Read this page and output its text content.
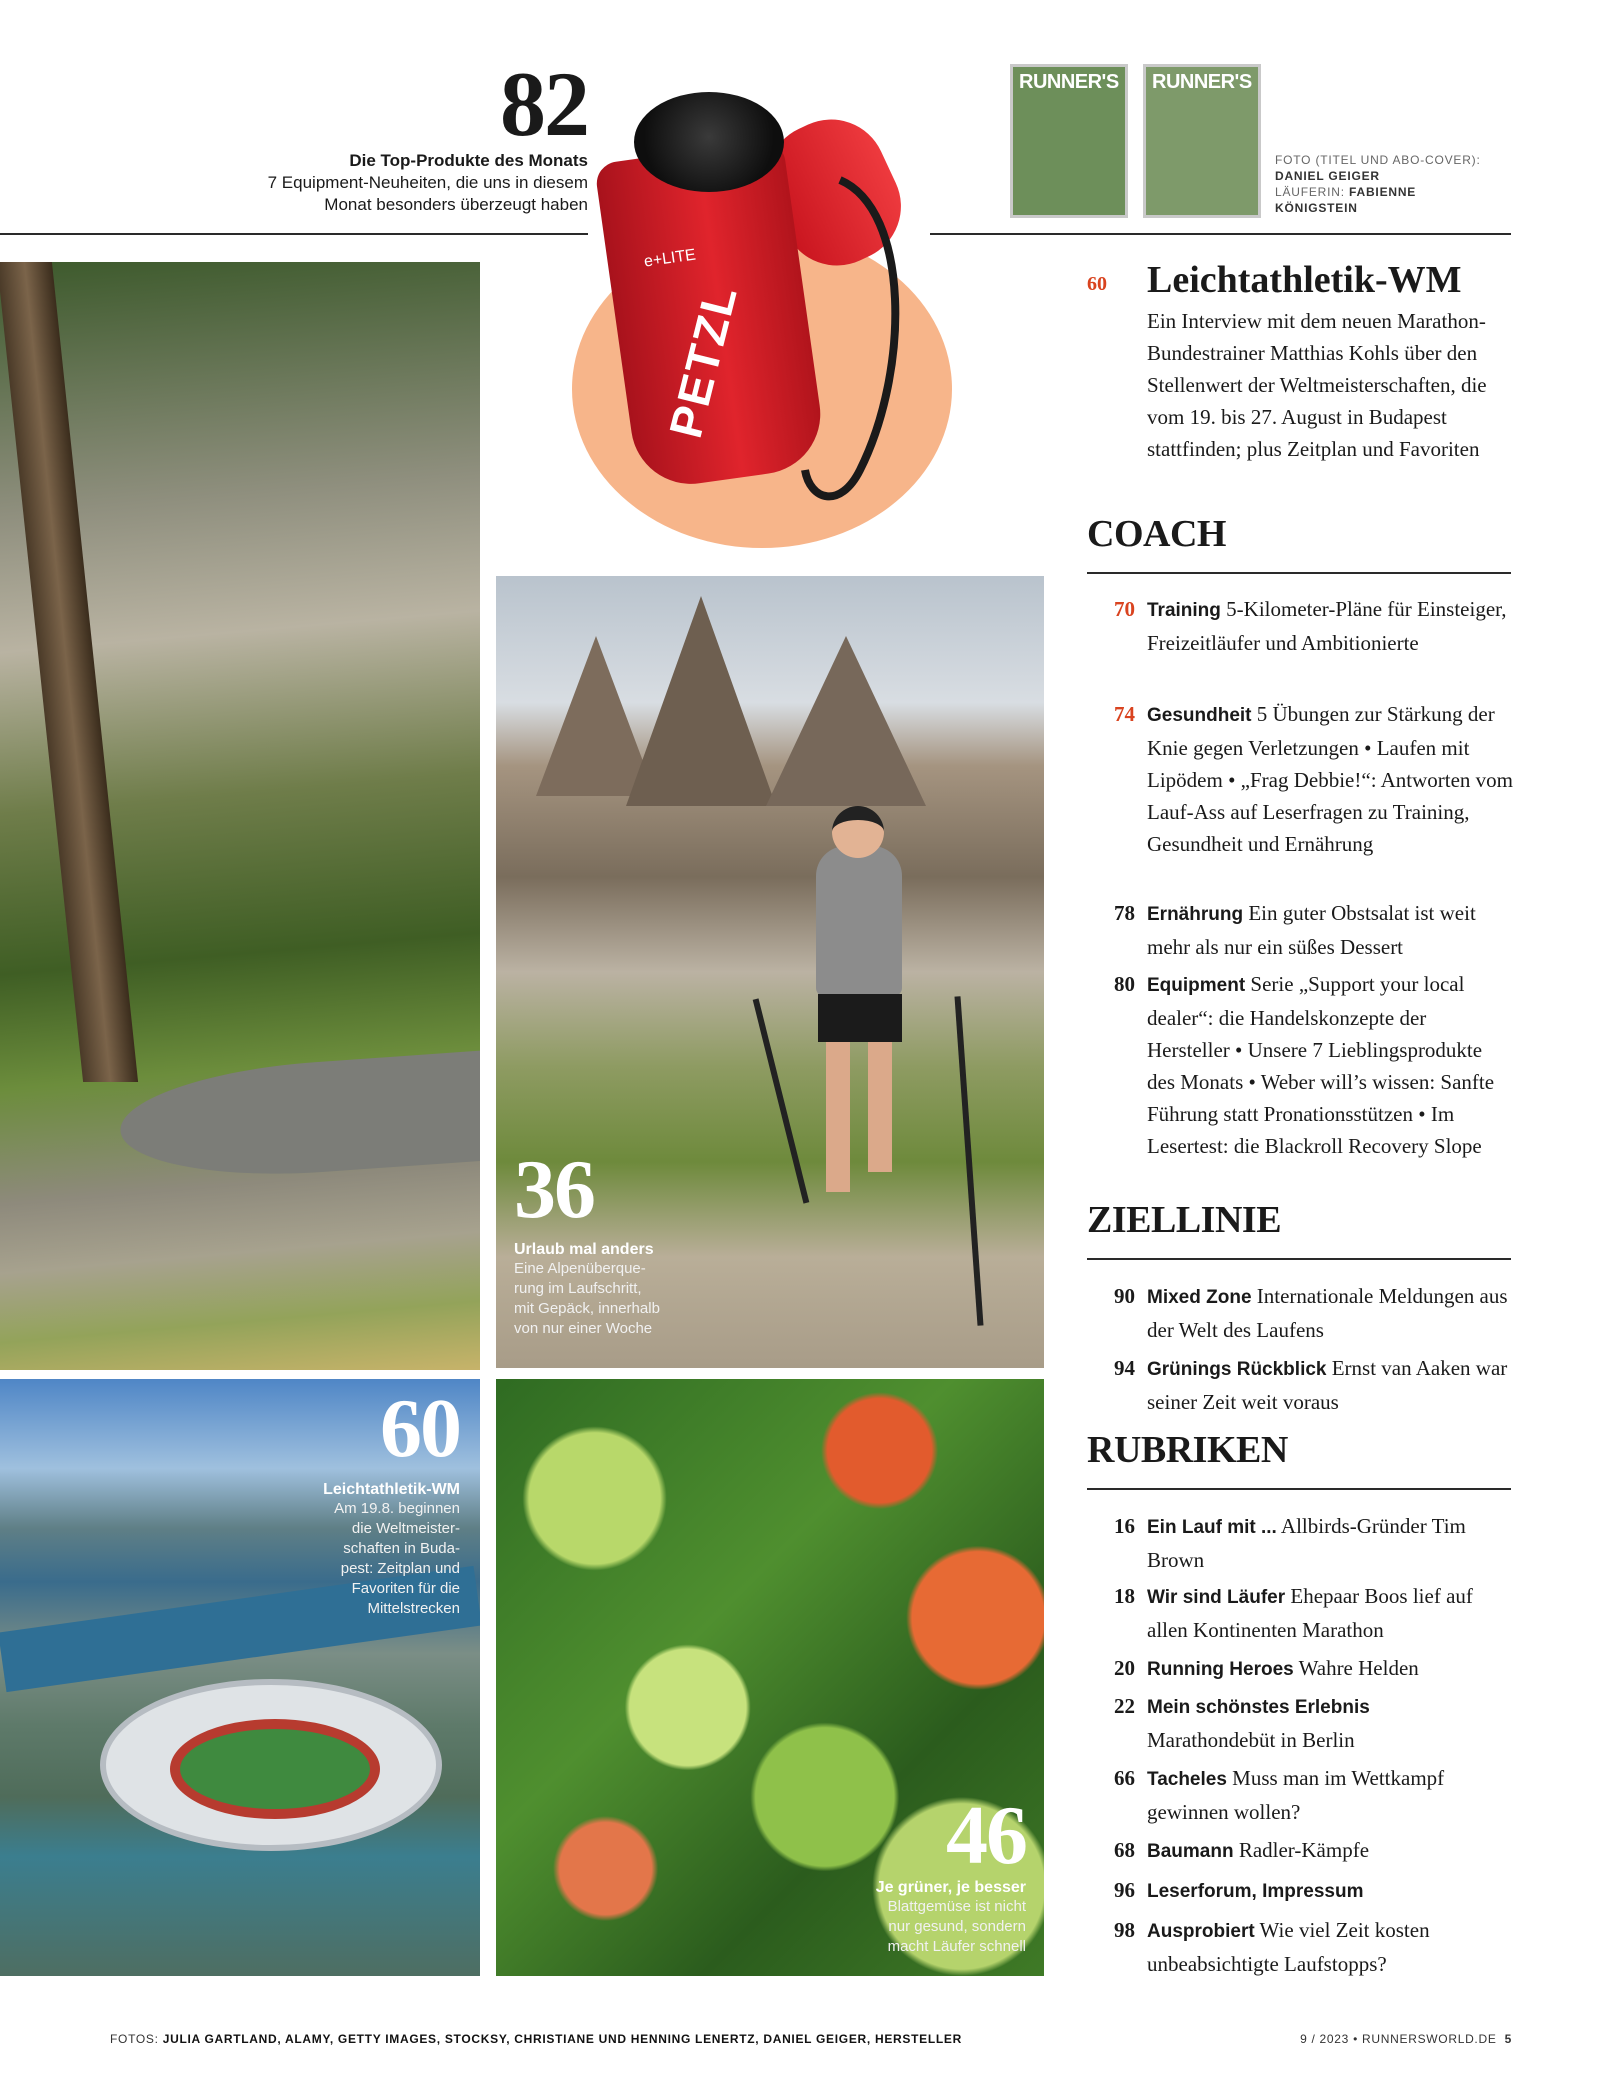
82
Die Top-Produkte des Monats
7 Equipment-Neuheiten, die uns in diesem
Monat besonders überzeugt haben
RUNNER'S	RUNNER'S
FOTO (TITEL UND ABO-COVER):
DANIEL GEIGER
LÄUFERIN: FABIENNE
KÖNIGSTEIN
e+LITE
PETZL
36
Urlaub mal anders
Eine Alpenüberque-
rung im Laufschritt,
mit Gepäck, innerhalb
von nur einer Woche
60
Leichtathletik-WM
Am 19.8. beginnen
die Weltmeister-
schaften in Buda-
pest: Zeitplan und
Favoriten für die
Mittelstrecken
46
Je grüner, je besser
Blattgemüse ist nicht
nur gesund, sondern
macht Läufer schnell
60 Leichtathletik-WM
Ein Interview mit dem neuen Marathon-Bundestrainer Matthias Kohls über den Stellenwert der Weltmeisterschaften, die vom 19. bis 27. August in Budapest stattfinden; plus Zeitplan und Favoriten
COACH
70 Training 5-Kilometer-Pläne für Einsteiger, Freizeitläufer und Ambitionierte
74 Gesundheit 5 Übungen zur Stärkung der Knie gegen Verletzungen • Laufen mit Lipödem • „Frag Debbie!“: Antworten vom Lauf-Ass auf Leserfragen zu Training, Gesundheit und Ernährung
78 Ernährung Ein guter Obstsalat ist weit mehr als nur ein süßes Dessert
80 Equipment Serie „Support your local dealer“: die Handelskonzepte der Hersteller • Unsere 7 Lieblingsprodukte des Monats • Weber will’s wissen: Sanfte Führung statt Pronationsstützen • Im Lesertest: die Blackroll Recovery Slope
ZIELLINIE
90 Mixed Zone Internationale Meldungen aus der Welt des Laufens
94 Grünings Rückblick Ernst van Aaken war seiner Zeit weit voraus
RUBRIKEN
16 Ein Lauf mit ... Allbirds-Gründer Tim Brown
18 Wir sind Läufer Ehepaar Boos lief auf allen Kontinenten Marathon
20 Running Heroes Wahre Helden
22 Mein schönstes Erlebnis
Marathondebüt in Berlin
66 Tacheles Muss man im Wettkampf gewinnen wollen?
68 Baumann Radler-Kämpfe
96 Leserforum, Impressum
98 Ausprobiert Wie viel Zeit kosten unbeabsichtigte Laufstopps?
FOTOS: JULIA GARTLAND, ALAMY, GETTY IMAGES, STOCKSY, CHRISTIANE UND HENNING LENERTZ, DANIEL GEIGER, HERSTELLER	9 / 2023 • RUNNERSWORLD.DE 5
